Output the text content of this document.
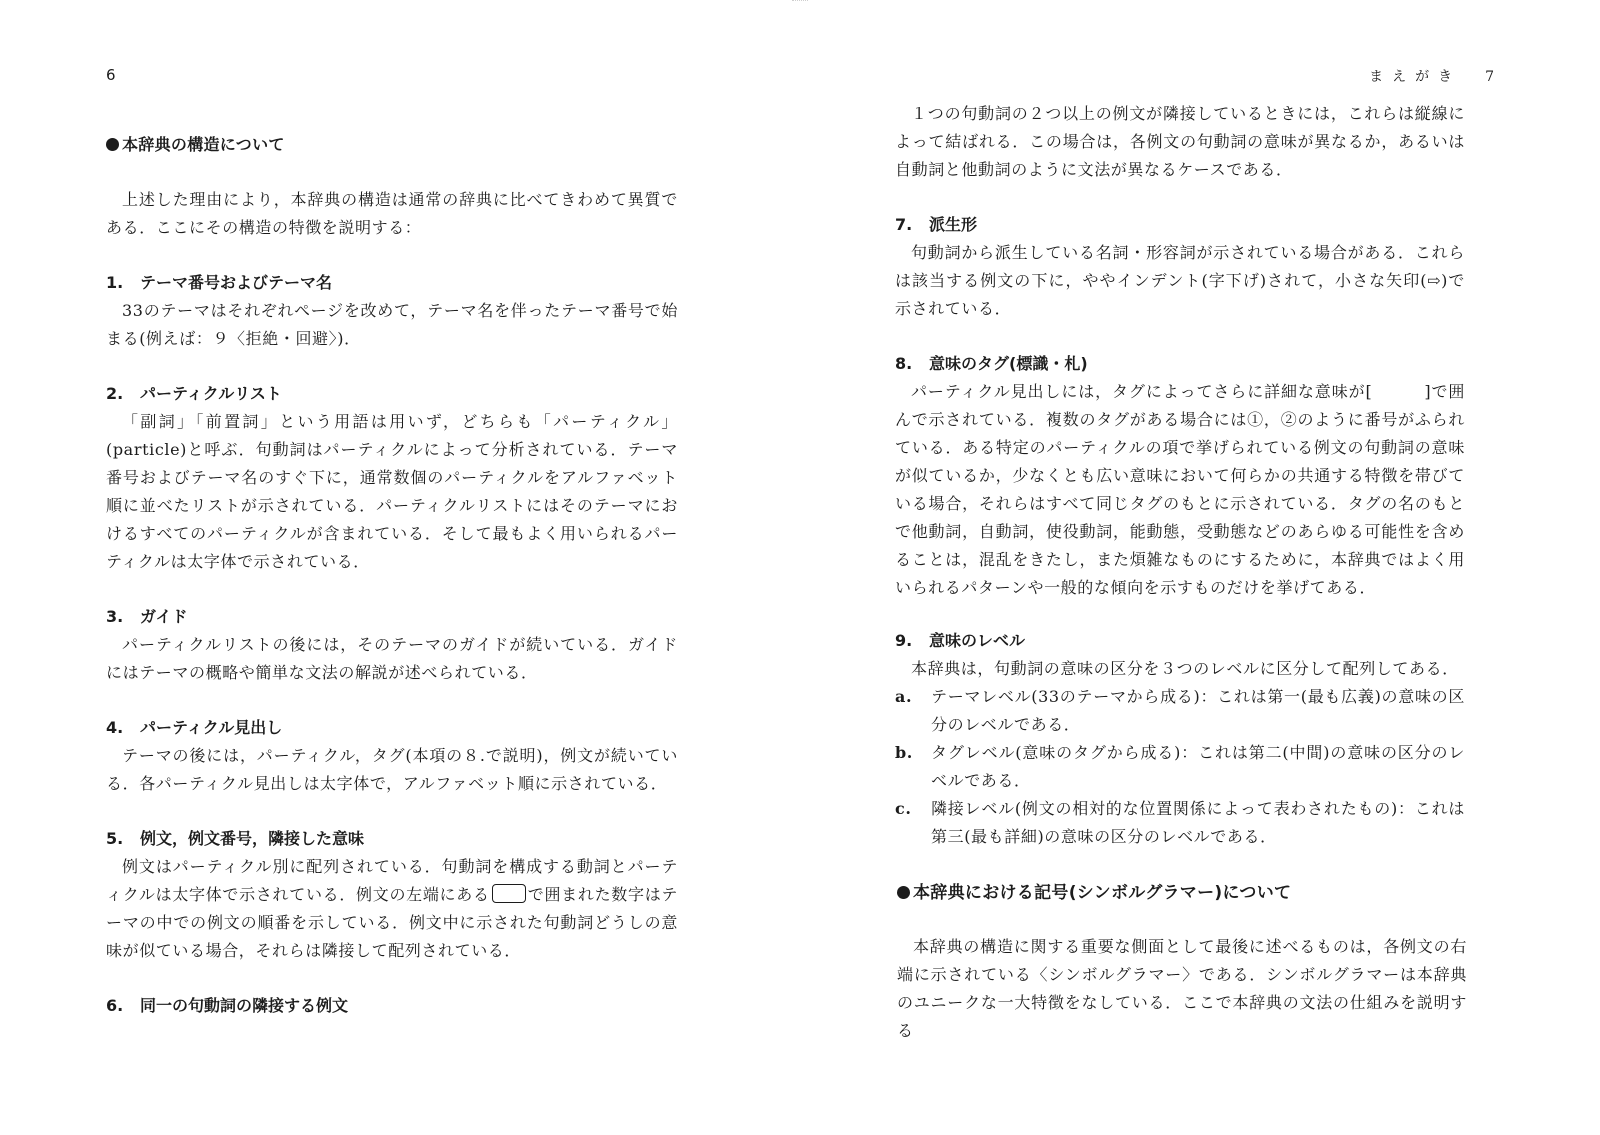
6
本辞典の構造について

上述した理由により，本辞典の構造は通常の辞典に比べてきわめて異質である．ここにその構造の特徴を説明する：

1. テーマ番号およびテーマ名

33のテーマはそれぞれページを改めて，テーマ名を伴ったテーマ番号で始まる(例えば：９〈拒絶・回避〉)．

2. パーティクルリスト

「副詞」「前置詞」という用語は用いず，どちらも「パーティクル」(particle)と呼ぶ．句動詞はパーティクルによって分析されている．テーマ番号およびテーマ名のすぐ下に，通常数個のパーティクルをアルファベット順に並べたリストが示されている．パーティクルリストにはそのテーマにおけるすべてのパーティクルが含まれている．そして最もよく用いられるパーティクルは太字体で示されている．

3. ガイド

パーティクルリストの後には，そのテーマのガイドが続いている．ガイドにはテーマの概略や簡単な文法の解説が述べられている．

4. パーティクル見出し

テーマの後には，パーティクル，タグ(本項の８.で説明)，例文が続いている．各パーティクル見出しは太字体で，アルファベット順に示されている．

5. 例文，例文番号，隣接した意味

例文はパーティクル別に配列されている．句動詞を構成する動詞とパーティクルは太字体で示されている．例文の左端にある で囲まれた数字はテーマの中での例文の順番を示している．例文中に示された句動詞どうしの意味が似ている場合，それらは隣接して配列されている．

6. 同一の句動詞の隣接する例文
まえがき 7

１つの句動詞の２つ以上の例文が隣接しているときには，これらは縦線によって結ばれる．この場合は，各例文の句動詞の意味が異なるか，あるいは自動詞と他動詞のように文法が異なるケースである．

7. 派生形

句動詞から派生している名詞・形容詞が示されている場合がある．これらは該当する例文の下に，ややインデント(字下げ)されて，小さな矢印(⇨)で示されている．

8. 意味のタグ(標識・札)

パーティクル見出しには，タグによってさらに詳細な意味が[	]で囲んで示されている．複数のタグがある場合には①，②のように番号がふられている．ある特定のパーティクルの項で挙げられている例文の句動詞の意味が似ているか，少なくとも広い意味において何らかの共通する特徴を帯びている場合，それらはすべて同じタグのもとに示されている．タグの名のもとで他動詞，自動詞，使役動詞，能動態，受動態などのあらゆる可能性を含めることは，混乱をきたし，また煩雑なものにするために，本辞典ではよく用いられるパターンや一般的な傾向を示すものだけを挙げてある．

9. 意味のレベル

本辞典は，句動詞の意味の区分を３つのレベルに区分して配列してある．

a.	テーマレベル(33のテーマから成る)：これは第一(最も広義)の意味の区分のレベルである．
b.	タグレベル(意味のタグから成る)：これは第二(中間)の意味の区分のレベルである．
c.	隣接レベル(例文の相対的な位置関係によって表わされたもの)：これは第三(最も詳細)の意味の区分のレベルである．
本辞典における記号(シンボルグラマー)について

本辞典の構造に関する重要な側面として最後に述べるものは，各例文の右端に示されている〈シンボルグラマー〉である．シンボルグラマーは本辞典のユニークな一大特徴をなしている．ここで本辞典の文法の仕組みを説明する
